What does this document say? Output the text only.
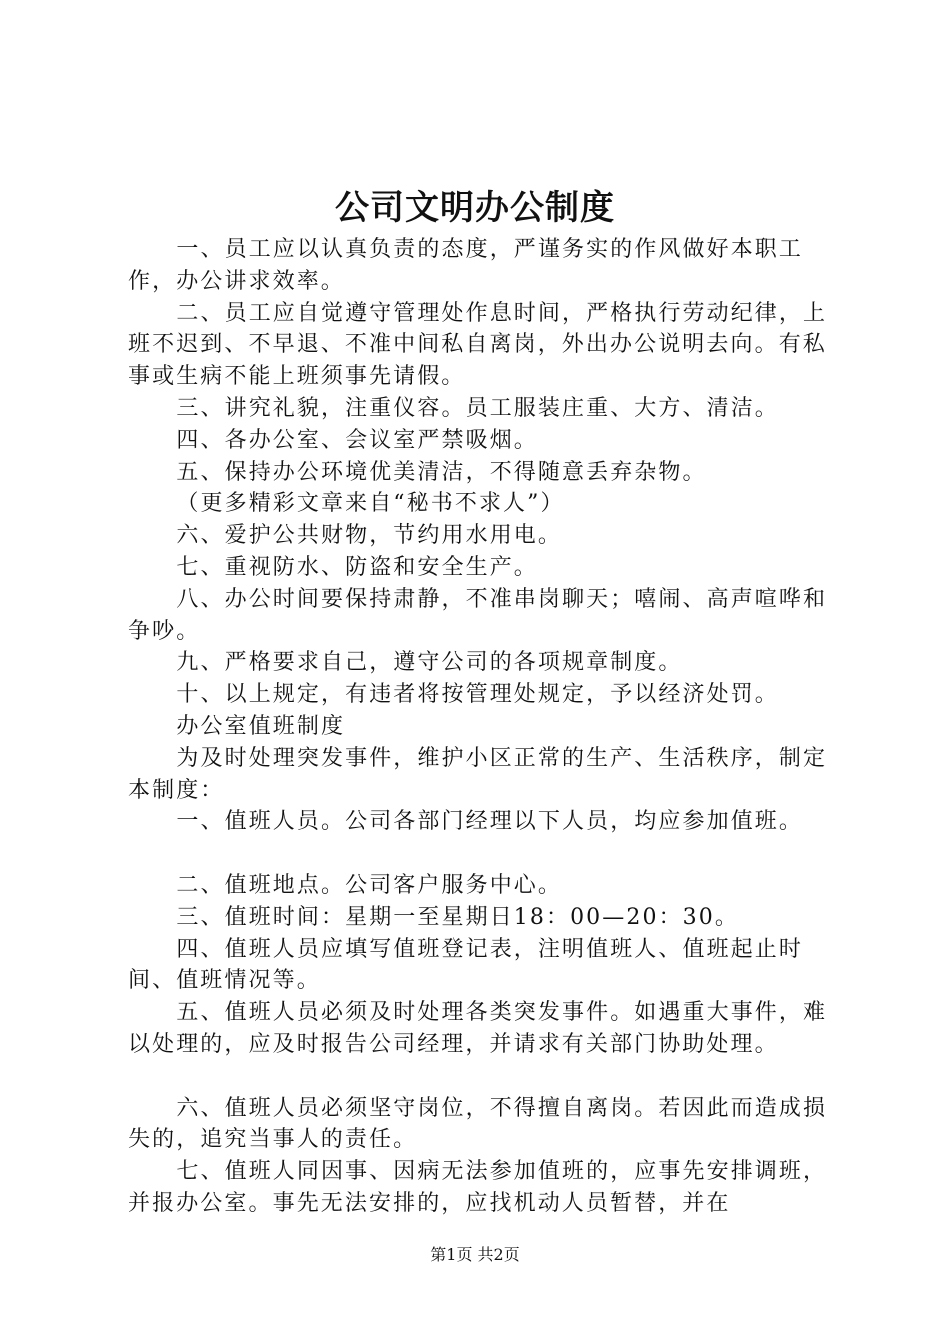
公司文明办公制度

一、员工应以认真负责的态度，严谨务实的作风做好本职工作，办公讲求效率。

二、员工应自觉遵守管理处作息时间，严格执行劳动纪律，上班不迟到、不早退、不准中间私自离岗，外出办公说明去向。有私事或生病不能上班须事先请假。

三、讲究礼貌，注重仪容。员工服装庄重、大方、清洁。

四、各办公室、会议室严禁吸烟。

五、保持办公环境优美清洁，不得随意丢弃杂物。

（更多精彩文章来自“秘书不求人”）

六、爱护公共财物，节约用水用电。

七、重视防水、防盗和安全生产。

八、办公时间要保持肃静，不准串岗聊天；嘻闹、高声喧哗和争吵。

九、严格要求自己，遵守公司的各项规章制度。

十、以上规定，有违者将按管理处规定，予以经济处罚。

办公室值班制度

为及时处理突发事件，维护小区正常的生产、生活秩序，制定本制度：

一、值班人员。公司各部门经理以下人员，均应参加值班。

二、值班地点。公司客户服务中心。

三、值班时间：星期一至星期日18：00—20：30。

四、值班人员应填写值班登记表，注明值班人、值班起止时间、值班情况等。

五、值班人员必须及时处理各类突发事件。如遇重大事件，难以处理的，应及时报告公司经理，并请求有关部门协助处理。

六、值班人员必须坚守岗位，不得擅自离岗。若因此而造成损失的，追究当事人的责任。

七、值班人同因事、因病无法参加值班的，应事先安排调班，并报办公室。事先无法安排的，应找机动人员暂替，并在

第1页 共2页
